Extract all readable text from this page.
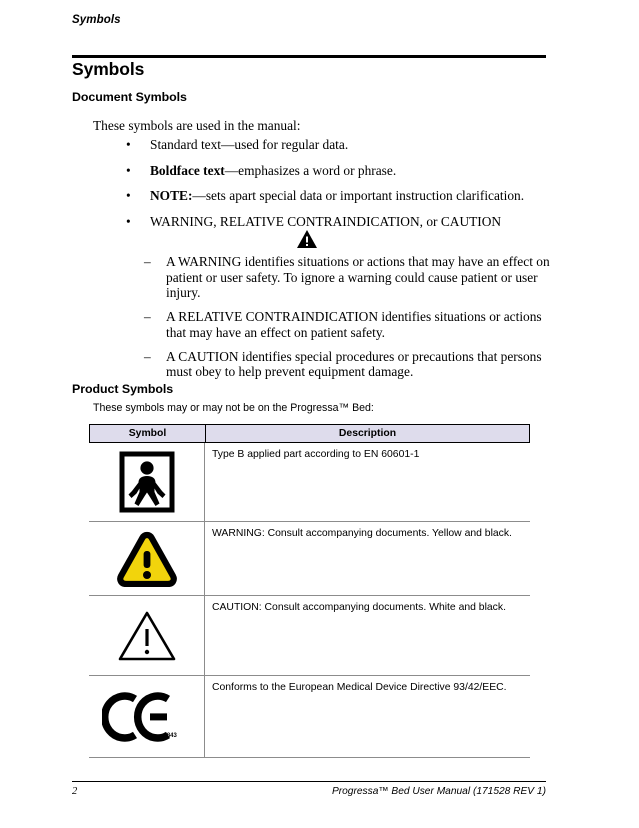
Symbols
Symbols
Document Symbols
These symbols are used in the manual:
• Standard text—used for regular data.
• Boldface text—emphasizes a word or phrase.
• NOTE:—sets apart special data or important instruction clarification.
• WARNING, RELATIVE CONTRAINDICATION, or CAUTION
– A WARNING identifies situations or actions that may have an effect on patient or user safety. To ignore a warning could cause patient or user injury.
– A RELATIVE CONTRAINDICATION identifies situations or actions that may have an effect on patient safety.
– A CAUTION identifies special procedures or precautions that persons must obey to help prevent equipment damage.
Product Symbols
These symbols may or may not be on the Progressa™ Bed:
Symbol	Description
Type B applied part according to EN 60601-1
WARNING: Consult accompanying documents. Yellow and black.
CAUTION: Consult accompanying documents. White and black.
0843
Conforms to the European Medical Device Directive 93/42/EEC.
2	Progressa™ Bed User Manual (171528 REV 1)
